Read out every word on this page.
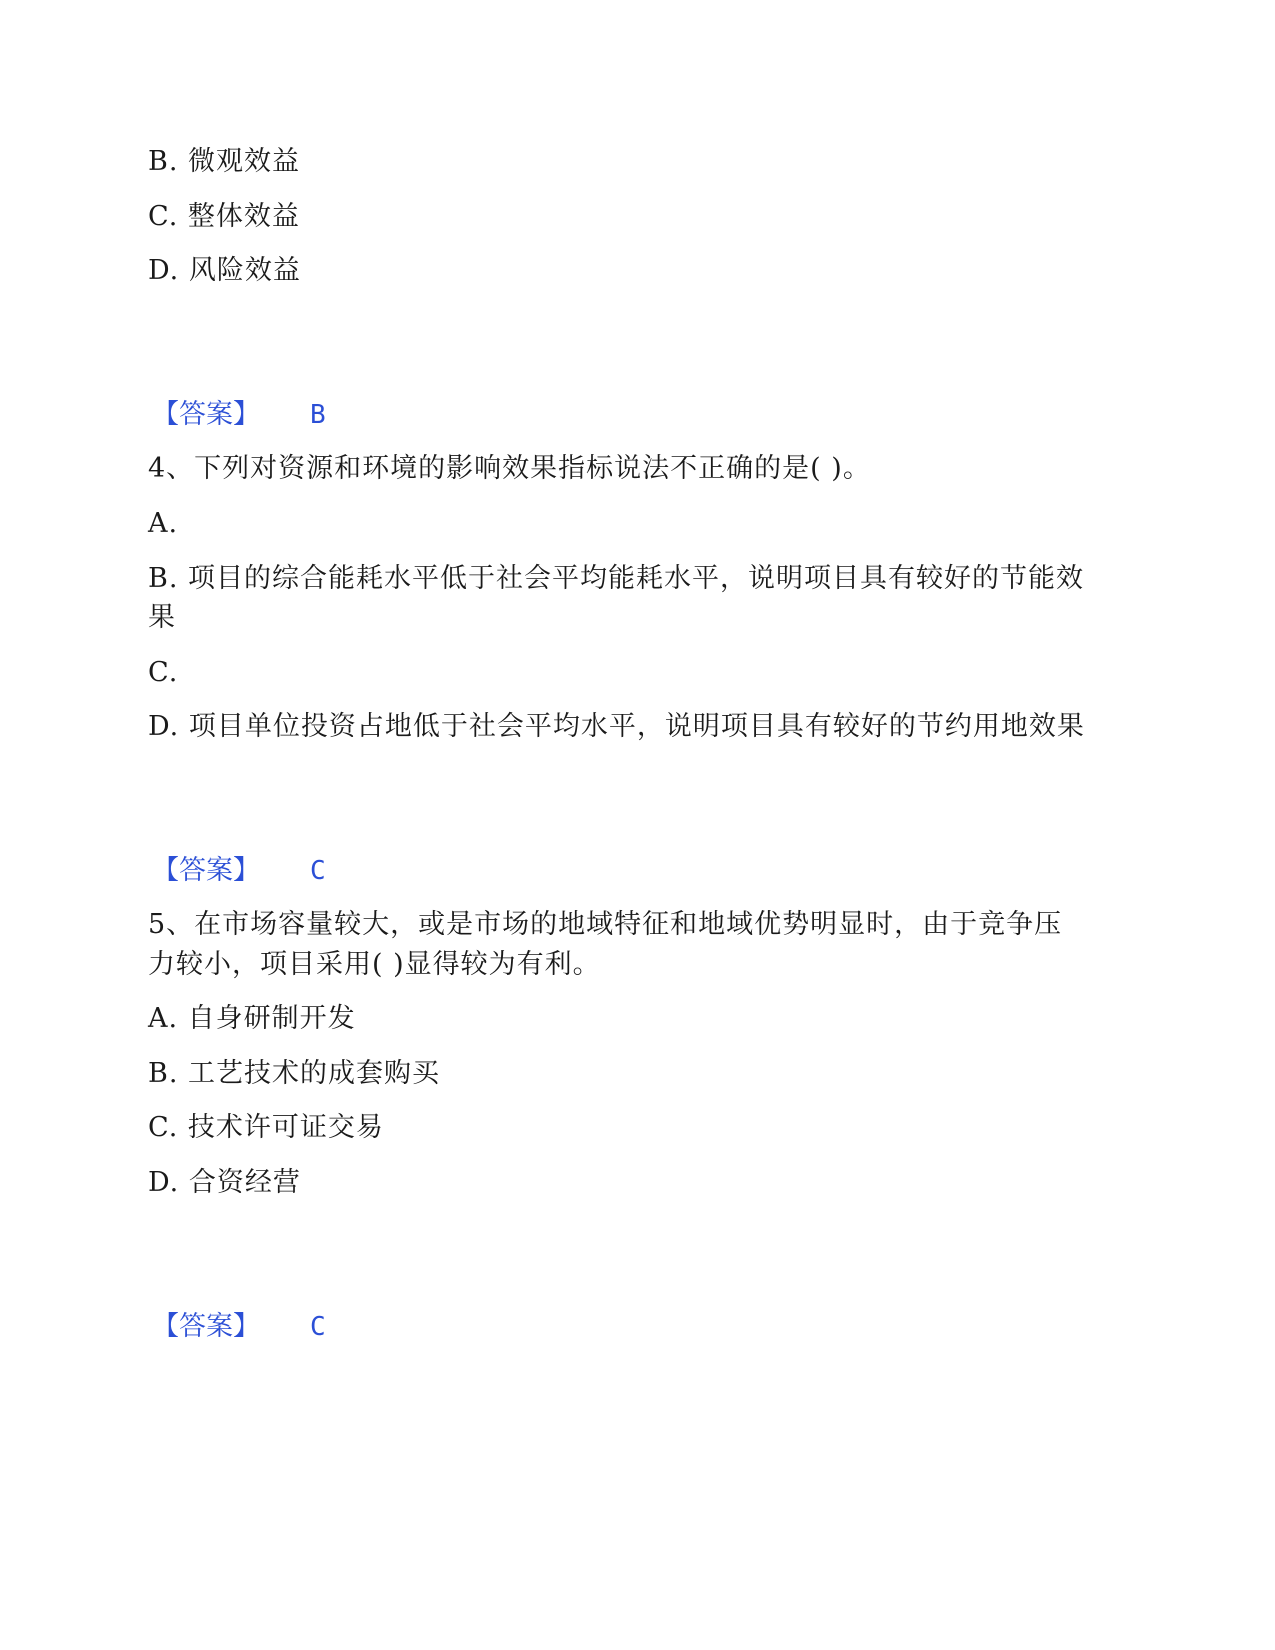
B. 微观效益
C. 整体效益
D. 风险效益
【答案】 B
4、下列对资源和环境的影响效果指标说法不正确的是( )。
A.
B. 项目的综合能耗水平低于社会平均能耗水平，说明项目具有较好的节能效
果
C.
D. 项目单位投资占地低于社会平均水平，说明项目具有较好的节约用地效果
【答案】 C
5、在市场容量较大，或是市场的地域特征和地域优势明显时，由于竞争压
力较小，项目采用( )显得较为有利。
A. 自身研制开发
B. 工艺技术的成套购买
C. 技术许可证交易
D. 合资经营
【答案】 C
